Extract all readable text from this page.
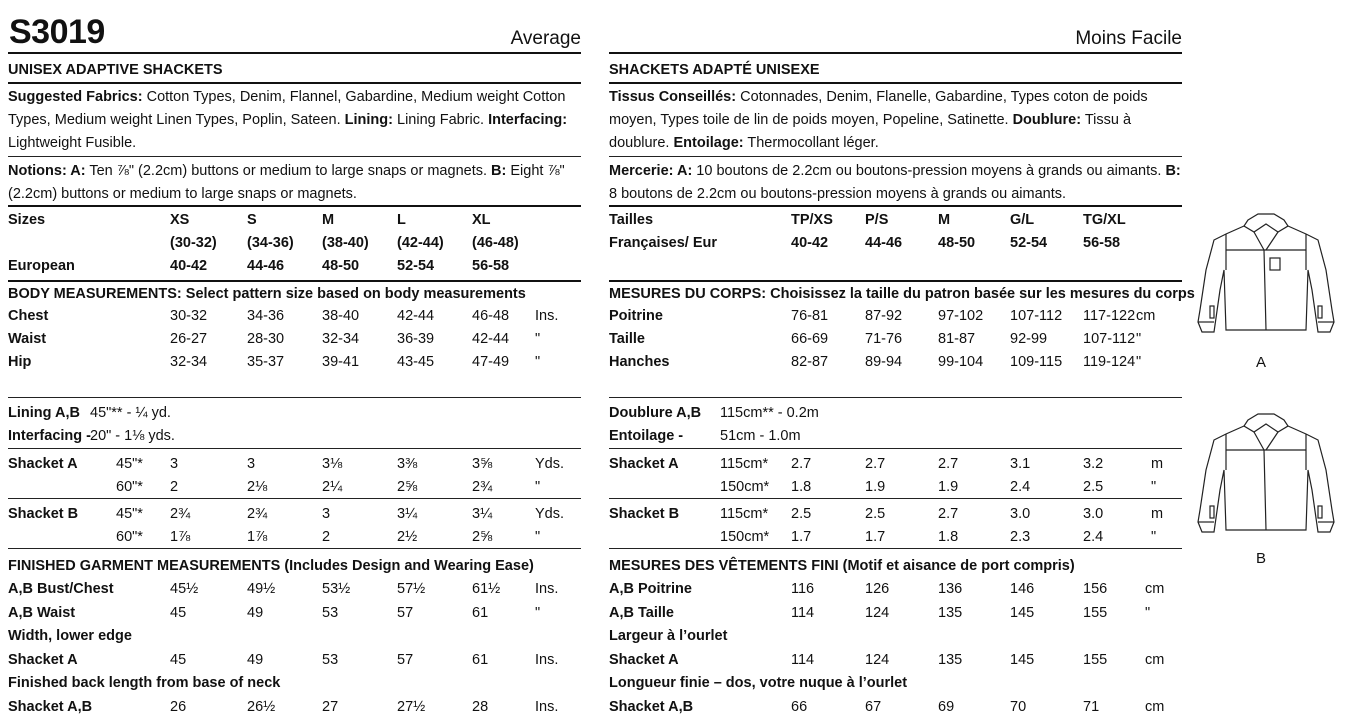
S3019	Average
UNISEX ADAPTIVE SHACKETS
Suggested Fabrics: Cotton Types, Denim, Flannel, Gabardine, Medium weight Cotton Types, Medium weight Linen Types, Poplin, Sateen. Lining: Lining Fabric. Interfacing: Lightweight Fusible.
Notions: A: Ten ⅞" (2.2cm) buttons or medium to large snaps or magnets. B: Eight ⅞" (2.2cm) buttons or medium to large snaps or magnets.
Sizes	XS	S	M	L	XL
(30-32) (34-36) (38-40) (42-44) (46-48)
European	40-42	44-46	48-50	52-54	56-58
BODY MEASUREMENTS: Select pattern size based on body measurements
Chest	30-32	34-36	38-40	42-44	46-48 Ins.
Waist	26-27	28-30	32-34	36-39	42-44 "
Hip	32-34	35-37	39-41	43-45	47-49 "
Lining A,B 45"** - ¼ yd.
Interfacing - 20" - 1⅛ yds.
Shacket A	45"* 3	3	3⅛	3⅜	3⅝	Yds.
60"* 2	2⅛	2¼	2⅝	2¾	"
Shacket B	45"* 2¾	2¾	3	3¼	3¼	Yds.
60"* 1⅞	1⅞	2	2½	2⅝	"
FINISHED GARMENT MEASUREMENTS (Includes Design and Wearing Ease)
A,B Bust/Chest	45½	49½	53½	57½	61½ Ins.
A,B Waist	45	49	53	57	61	"
Width, lower edge
Shacket A	45	49	53	57	61	Ins.
Finished back length from base of neck
Shacket A,B	26	26½	27	27½	28	Ins.
Moins Facile
SHACKETS ADAPTÉ UNISEXE
Tissus Conseillés: Cotonnades, Denim, Flanelle, Gabardine, Types coton de poids moyen, Types toile de lin de poids moyen, Popeline, Satinette. Doublure: Tissu à doublure. Entoilage: Thermocollant léger.
Mercerie: A: 10 boutons de 2.2cm ou boutons-pression moyens à grands ou aimants. B: 8 boutons de 2.2cm ou boutons-pression moyens à grands ou aimants.
Tailles	TP/XS P/S	M	G/L	TG/XL
Françaises/ Eur	40-42	44-46 48-50 52-54 56-58
MESURES DU CORPS: Choisissez la taille du patron basée sur les mesures du corps
Poitrine	76-81	87-92 97-102 107-112 117-122 cm
Taille	66-69	71-76 81-87 92-99 107-112 "
Hanches	82-87	89-94 99-104 109-115 119-124 "
Doublure A,B 115cm** - 0.2m
Entoilage -	51cm - 1.0m
Shacket A	115cm* 2.7	2.7	2.7	3.1	3.2	m
150cm* 1.8	1.9	1.9	2.4	2.5	"
Shacket B	115cm* 2.5	2.5	2.7	3.0	3.0	m
150cm* 1.7	1.7	1.8	2.3	2.4	"
MESURES DES VÊTEMENTS FINI (Motif et aisance de port compris)
A,B Poitrine	116	126	136	146	156	cm
A,B Taille	114	124	135	145	155	"
Largeur à l’ourlet
Shacket A	114	124	135	145	155	cm
Longueur finie – dos, votre nuque à l’ourlet
Shacket A,B	66	67	69	70	71	cm
A
B
